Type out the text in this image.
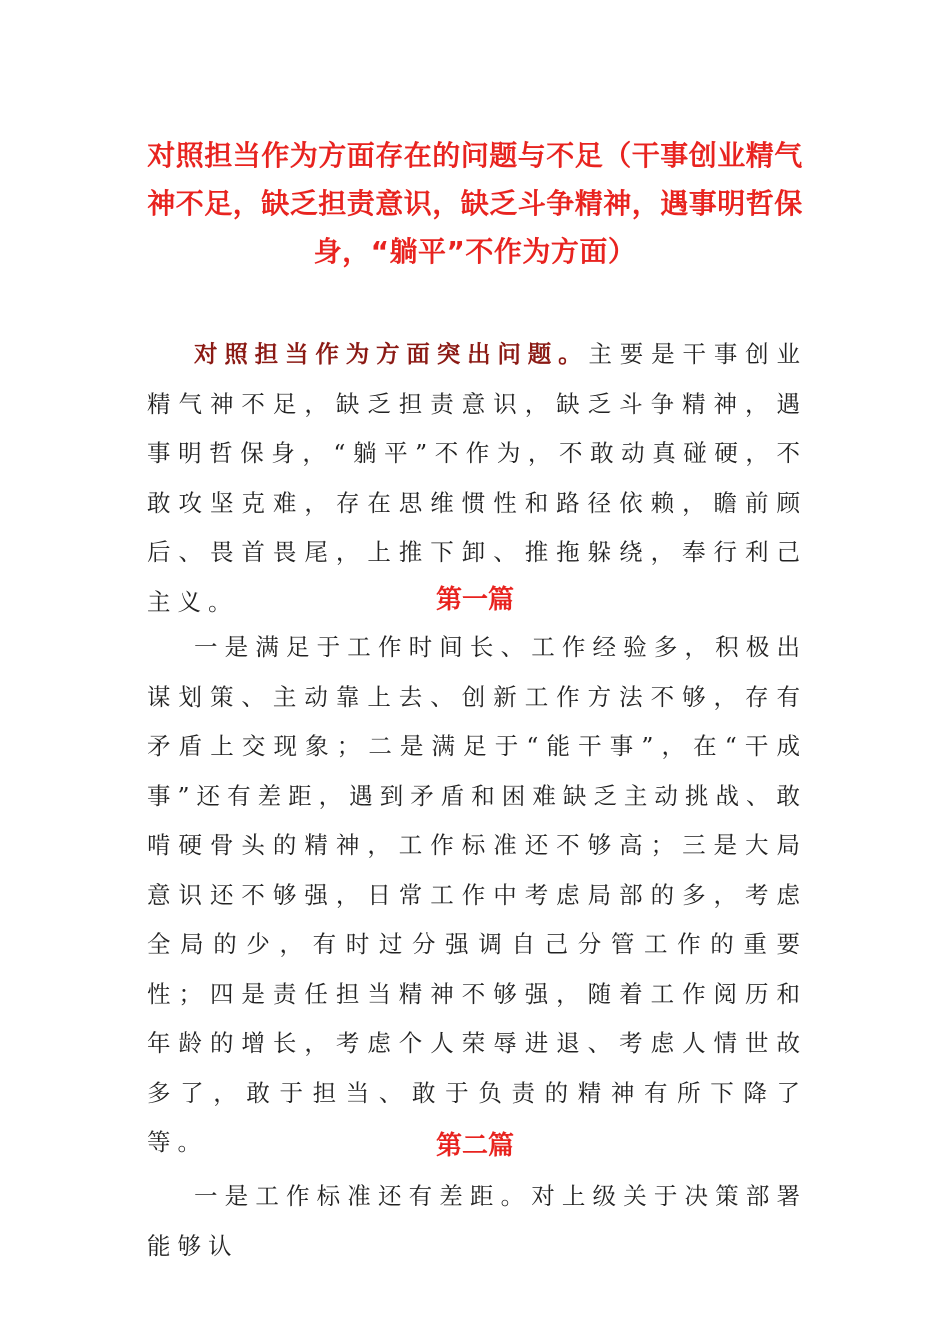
对照担当作为方面存在的问题与不足（干事创业精气神不足，缺乏担责意识，缺乏斗争精神，遇事明哲保身，“躺平”不作为方面）

对照担当作为方面突出问题。主要是干事创业精气神不足，缺乏担责意识，缺乏斗争精神，遇事明哲保身，“躺平”不作为，不敢动真碰硬，不敢攻坚克难，存在思维惯性和路径依赖，瞻前顾后、畏首畏尾，上推下卸、推拖躲绕，奉行利己主义。	第一篇

一是满足于工作时间长、工作经验多，积极出谋划策、主动靠上去、创新工作方法不够，存有矛盾上交现象；二是满足于“能干事”，在“干成事”还有差距，遇到矛盾和困难缺乏主动挑战、敢啃硬骨头的精神，工作标准还不够高；三是大局意识还不够强，日常工作中考虑局部的多，考虑全局的少，有时过分强调自己分管工作的重要性；四是责任担当精神不够强，随着工作阅历和年龄的增长，考虑个人荣辱进退、考虑人情世故多了，敢于担当、敢于负责的精神有所下降了等。	第二篇

一是工作标准还有差距。对上级关于决策部署能够认
